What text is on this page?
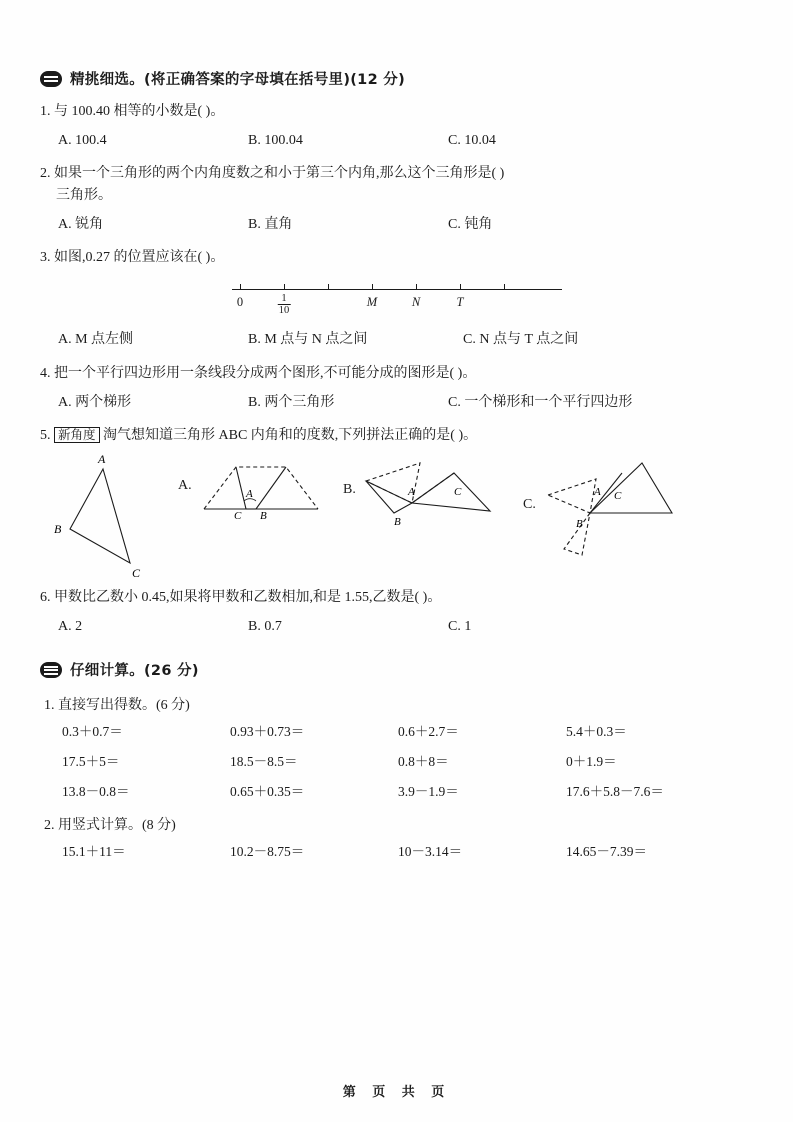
精挑细选。(将正确答案的字母填在括号里)(12 分)
1. 与 100.40 相等的小数是( )。
A. 100.4	B. 100.04	C. 10.04
2. 如果一个三角形的两个内角度数之和小于第三个内角,那么这个三角形是( )
三角形。
A. 锐角	B. 直角	C. 钝角
3. 如图,0.27 的位置应该在( )。
0	$\frac{1}{10}$	M	N	T
A. M 点左侧	B. M 点与 N 点之间	C. N 点与 T 点之间
4. 把一个平行四边形用一条线段分成两个图形,不可能分成的图形是( )。
A. 两个梯形	B. 两个三角形	C. 一个梯形和一个平行四边形
5. 新角度 淘气想知道三角形 ABC 内角和的度数,下列拼法正确的是( )。
A
B
C
A.
A
C B
B.	A	C
B
C.
A C
B
6. 甲数比乙数小 0.45,如果将甲数和乙数相加,和是 1.55,乙数是( )。
A. 2	B. 0.7	C. 1
仔细计算。(26 分)
1. 直接写出得数。(6 分)
0.3＋0.7＝	0.93＋0.73＝	0.6＋2.7＝	5.4＋0.3＝
17.5＋5＝	18.5－8.5＝	0.8＋8＝	0＋1.9＝
13.8－0.8＝	0.65＋0.35＝	3.9－1.9＝	17.6＋5.8－7.6＝
2. 用竖式计算。(8 分)
15.1＋11＝	10.2－8.75＝	10－3.14＝	14.65－7.39＝
第 页 共 页
